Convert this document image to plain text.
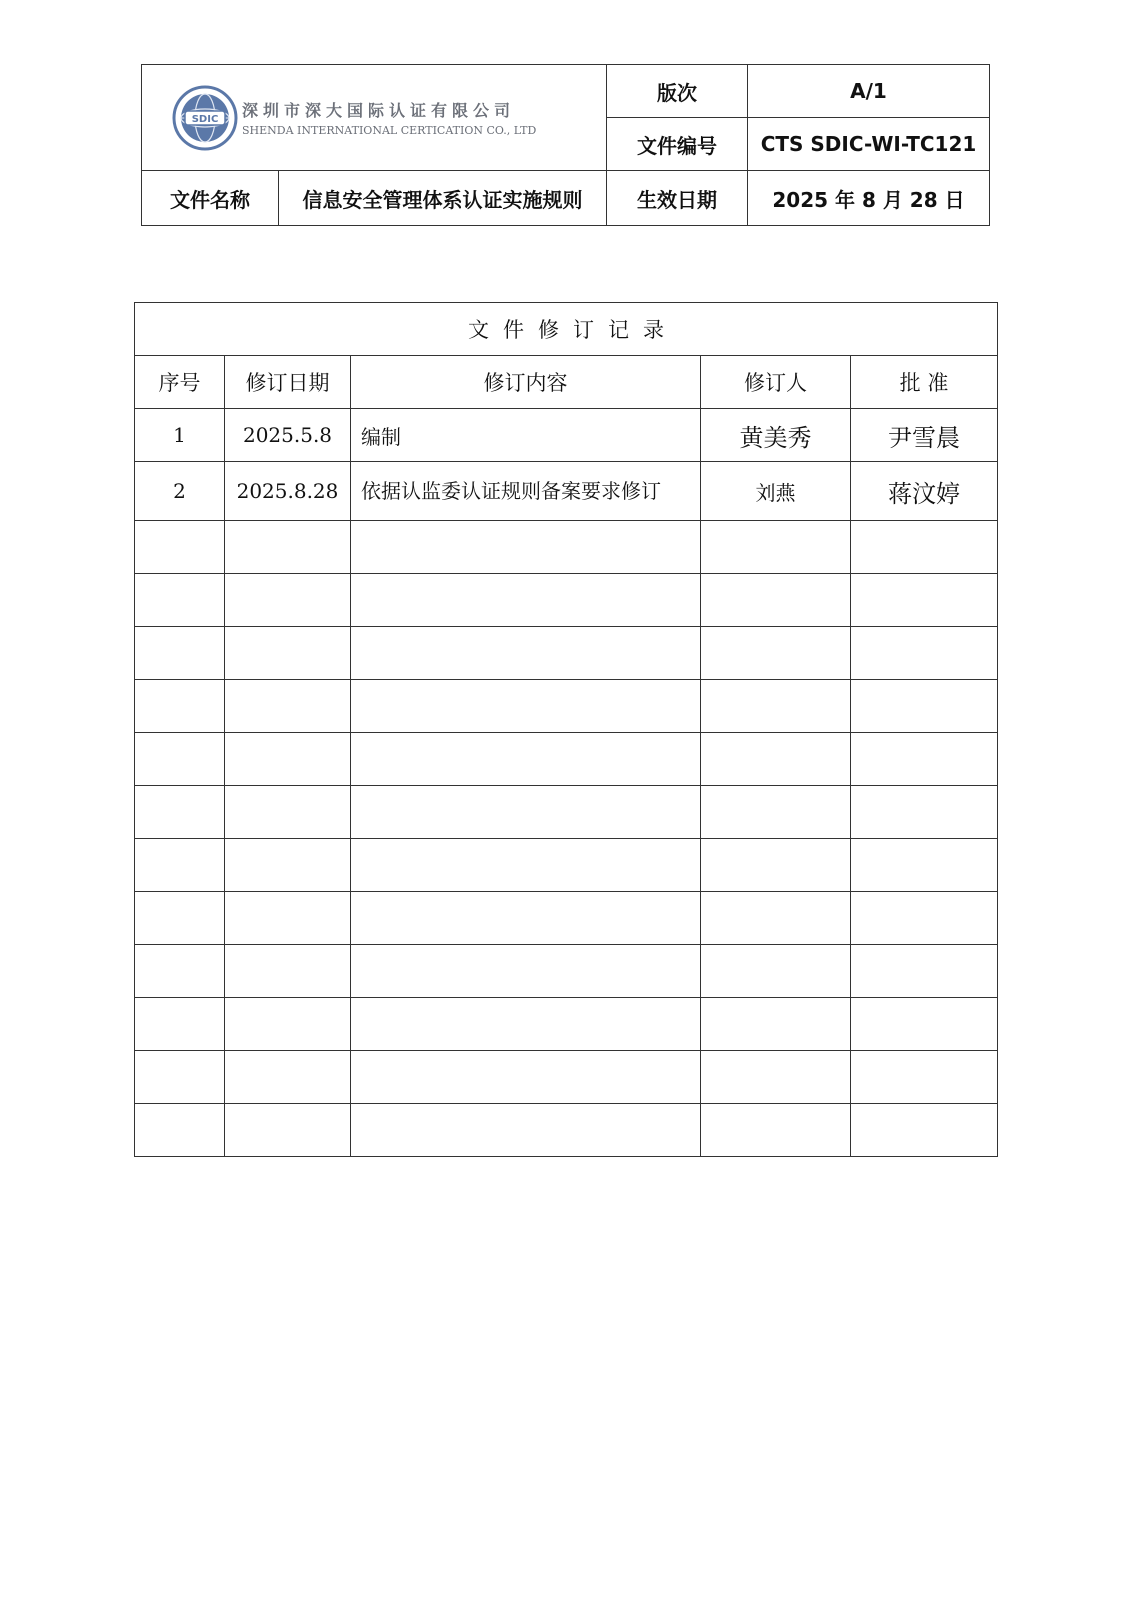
SDIC 深圳市深大国际认证有限公司
SHENDA INTERNATIONAL CERTICATION CO., LTD		版次	A/1
		文件编号	CTS SDIC-WI-TC121
文件名称	信息安全管理体系认证实施规则	生效日期	2025 年 8 月 28 日
文件修订记录				
序号	修订日期	修订内容	修订人	批 准
1	2025.5.8	编制	黄美秀	尹雪晨
2	2025.8.28	依据认监委认证规则备案要求修订	刘燕	蒋汶婷
